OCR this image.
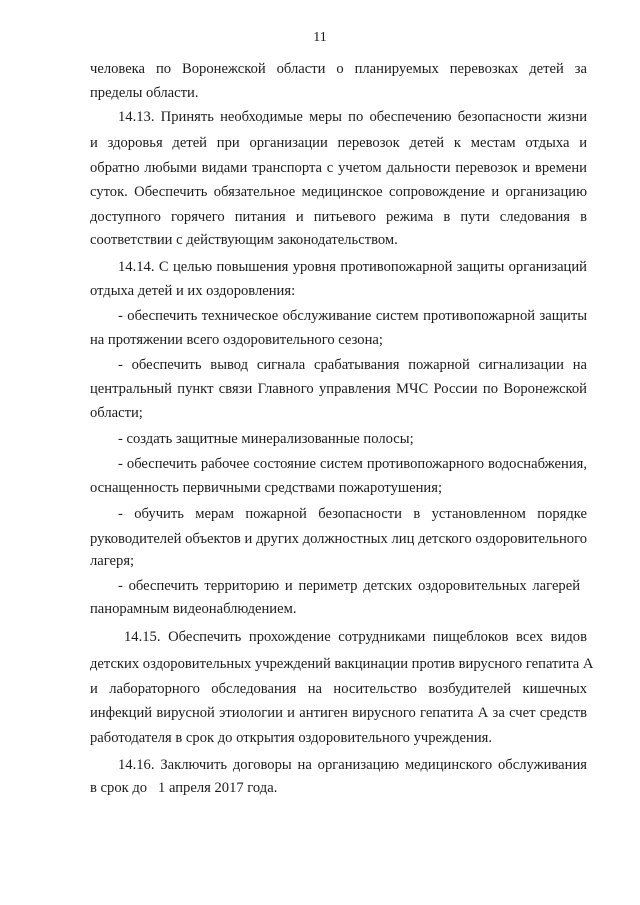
11
человека по Воронежской области о планируемых перевозках детей за
пределы области.
14.13. Принять необходимые меры по обеспечению безопасности жизни
и здоровья детей при организации перевозок детей к местам отдыха и
обратно любыми видами транспорта с учетом дальности перевозок и времени
суток. Обеспечить обязательное медицинское сопровождение и организацию
доступного горячего питания и питьевого режима в пути следования в
соответствии с действующим законодательством.
14.14. С целью повышения уровня противопожарной защиты организаций
отдыха детей и их оздоровления:
- обеспечить техническое обслуживание систем противопожарной защиты
на протяжении всего оздоровительного сезона;
- обеспечить вывод сигнала срабатывания пожарной сигнализации на
центральный пункт связи Главного управления МЧС России по Воронежской
области;
- создать защитные минерализованные полосы;
- обеспечить рабочее состояние систем противопожарного водоснабжения,
оснащенность первичными средствами пожаротушения;
- обучить мерам пожарной безопасности в установленном порядке
руководителей объектов и других должностных лиц детского оздоровительного
лагеря;
- обеспечить территорию и периметр детских оздоровительных лагерей
панорамным видеонаблюдением.
14.15. Обеспечить прохождение сотрудниками пищеблоков всех видов
детских оздоровительных учреждений вакцинации против вирусного гепатита А
и лабораторного обследования на носительство возбудителей кишечных
инфекций вирусной этиологии и антиген вирусного гепатита А за счет средств
работодателя в срок до открытия оздоровительного учреждения.
14.16. Заключить договоры на организацию медицинского обслуживания
в срок до   1 апреля 2017 года.
